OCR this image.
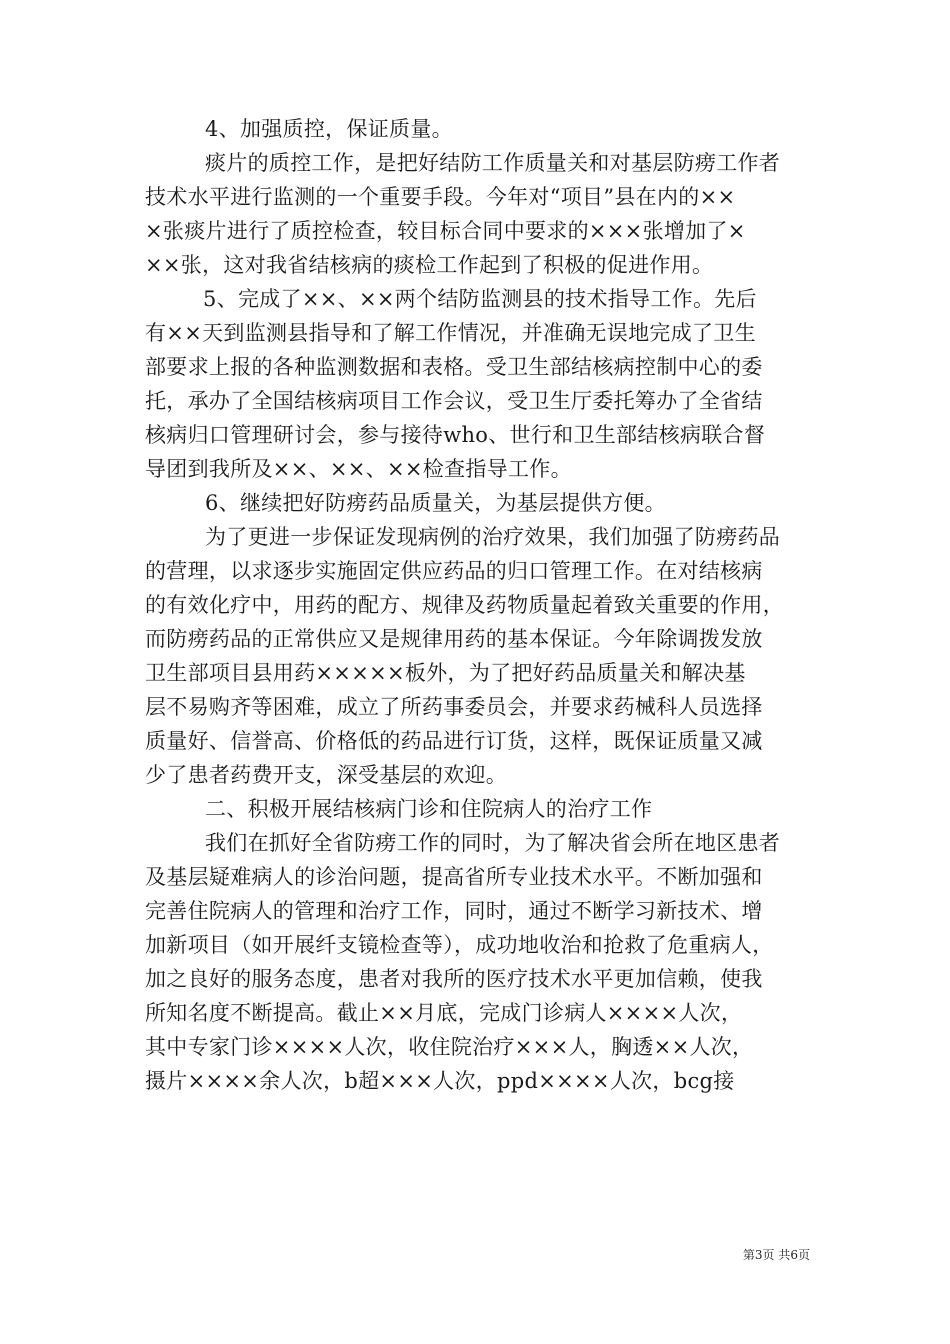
4、加强质控，保证质量。
痰片的质控工作，是把好结防工作质量关和对基层防痨工作者
技术水平进行监测的一个重要手段。今年对“项目”县在内的××
×张痰片进行了质控检查，较目标合同中要求的×××张增加了×
××张，这对我省结核病的痰检工作起到了积极的促进作用。
5、完成了××、××两个结防监测县的技术指导工作。先后
有××天到监测县指导和了解工作情况，并准确无误地完成了卫生
部要求上报的各种监测数据和表格。受卫生部结核病控制中心的委
托，承办了全国结核病项目工作会议，受卫生厅委托筹办了全省结
核病归口管理研讨会，参与接待who、世行和卫生部结核病联合督
导团到我所及××、××、××检查指导工作。
6、继续把好防痨药品质量关，为基层提供方便。
为了更进一步保证发现病例的治疗效果，我们加强了防痨药品
的营理，以求逐步实施固定供应药品的归口管理工作。在对结核病
的有效化疗中，用药的配方、规律及药物质量起着致关重要的作用，
而防痨药品的正常供应又是规律用药的基本保证。今年除调拨发放
卫生部项目县用药×××××板外，为了把好药品质量关和解决基
层不易购齐等困难，成立了所药事委员会，并要求药械科人员选择
质量好、信誉高、价格低的药品进行订货，这样，既保证质量又减
少了患者药费开支，深受基层的欢迎。
二、积极开展结核病门诊和住院病人的治疗工作
我们在抓好全省防痨工作的同时，为了解决省会所在地区患者
及基层疑难病人的诊治问题，提高省所专业技术水平。不断加强和
完善住院病人的管理和治疗工作，同时，通过不断学习新技术、增
加新项目（如开展纤支镜检查等），成功地收治和抢救了危重病人，
加之良好的服务态度，患者对我所的医疗技术水平更加信赖，使我
所知名度不断提高。截止××月底，完成门诊病人××××人次，
其中专家门诊××××人次，收住院治疗×××人，胸透××人次，
摄片××××余人次，b超×××人次，ppd××××人次，bcg接
第3页 共6页
